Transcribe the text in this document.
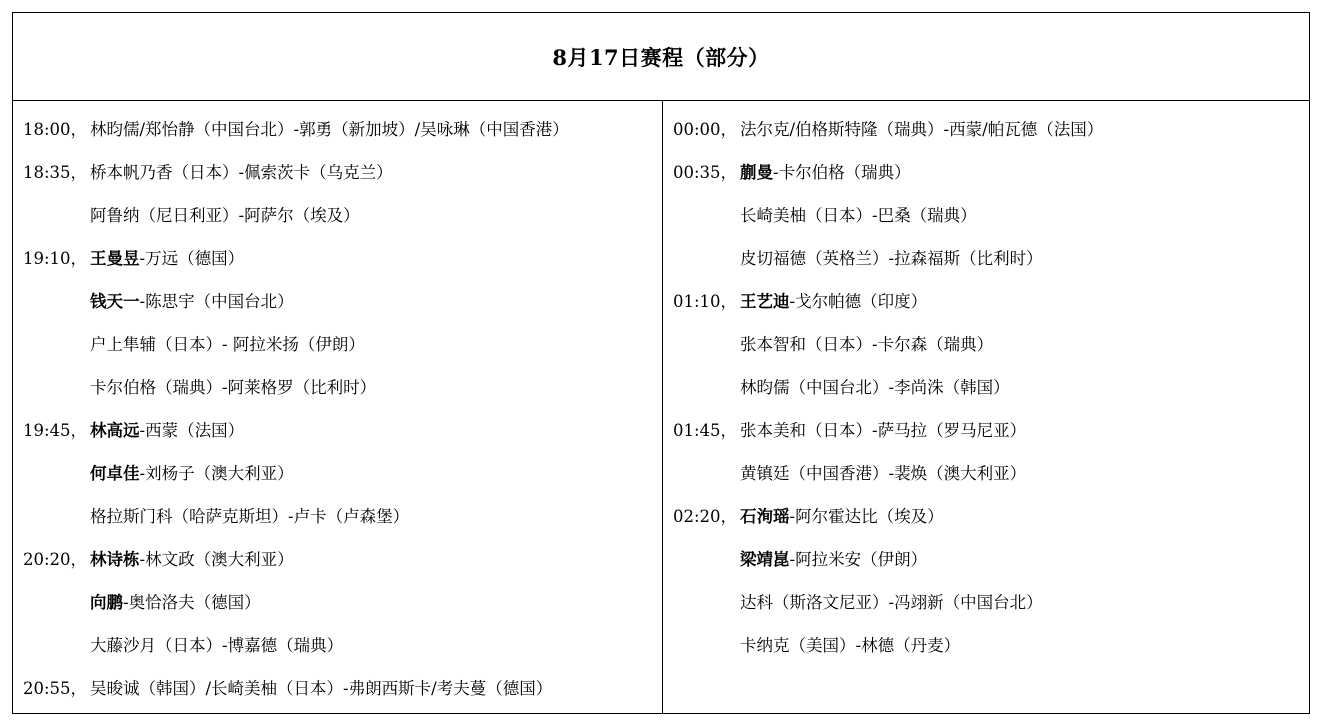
8月17日赛程（部分）
18:00， 林昀儒/郑怡静（中国台北）-郭勇（新加坡）/吴咏琳（中国香港）
18:35， 桥本帆乃香（日本）-佩索茨卡（乌克兰）
阿鲁纳（尼日利亚）-阿萨尔（埃及）
19:10， 王曼昱 -万远（德国）
钱天一 -陈思宇（中国台北）
户上隼辅（日本）- 阿拉米扬（伊朗）
卡尔伯格（瑞典）-阿莱格罗（比利时）
19:45， 林高远 -西蒙（法国）
何卓佳 -刘杨子（澳大利亚）
格拉斯门科（哈萨克斯坦）-卢卡（卢森堡）
20:20， 林诗栋 -林文政（澳大利亚）
向鹏 -奥恰洛夫（德国）
大藤沙月（日本）-博嘉德（瑞典）
20:55， 吴晙诚（韩国）/长崎美柚（日本）-弗朗西斯卡/考夫蔓（德国）
00:00， 法尔克/伯格斯特隆（瑞典）-西蒙/帕瓦德（法国）
00:35， 蒯曼 -卡尔伯格（瑞典）
长崎美柚（日本）-巴桑（瑞典）
皮切福德（英格兰）-拉森福斯（比利时）
01:10， 王艺迪 -戈尔帕德（印度）
张本智和（日本）-卡尔森（瑞典）
林昀儒（中国台北）-李尚洙（韩国）
01:45， 张本美和（日本）-萨马拉（罗马尼亚）
黄镇廷（中国香港）-裴焕（澳大利亚）
02:20， 石洵瑶 -阿尔霍达比（埃及）
梁靖崑 -阿拉米安（伊朗）
达科（斯洛文尼亚）-冯翊新（中国台北）
卡纳克（美国）-林德（丹麦）
